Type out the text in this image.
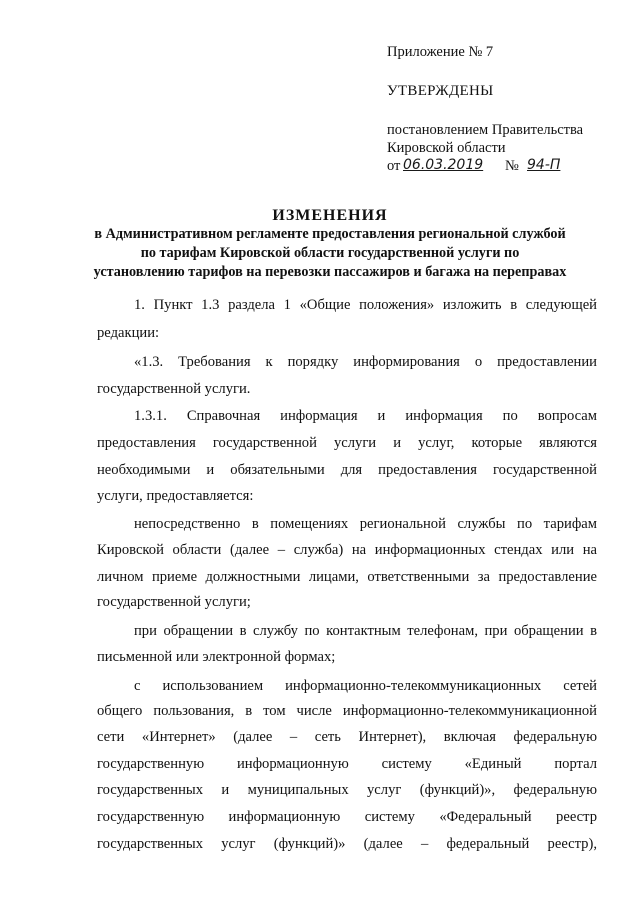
Приложение № 7
УТВЕРЖДЕНЫ
постановлением Правительства
Кировской области
от 06.03.2019 № 94-П
ИЗМЕНЕНИЯ
в Административном регламенте предоставления региональной службой
по тарифам Кировской области государственной услуги по
установлению тарифов на перевозки пассажиров и багажа на переправах
1. Пункт 1.3 раздела 1 «Общие положения» изложить в следующей
редакции:
«1.3. Требования к порядку информирования о предоставлении
государственной услуги.
1.3.1. Справочная информация и информация по вопросам
предоставления государственной услуги и услуг, которые являются
необходимыми и обязательными для предоставления государственной
услуги, предоставляется:
непосредственно в помещениях региональной службы по тарифам
Кировской области (далее – служба) на информационных стендах или на
личном приеме должностными лицами, ответственными за предоставление
государственной услуги;
при обращении в службу по контактным телефонам, при обращении в
письменной или электронной формах;
с использованием информационно-телекоммуникационных сетей
общего пользования, в том числе информационно-телекоммуникационной
сети «Интернет» (далее – сеть Интернет), включая федеральную
государственную информационную систему «Единый портал
государственных и муниципальных услуг (функций)», федеральную
государственную информационную систему «Федеральный реестр
государственных услуг (функций)» (далее – федеральный реестр),
